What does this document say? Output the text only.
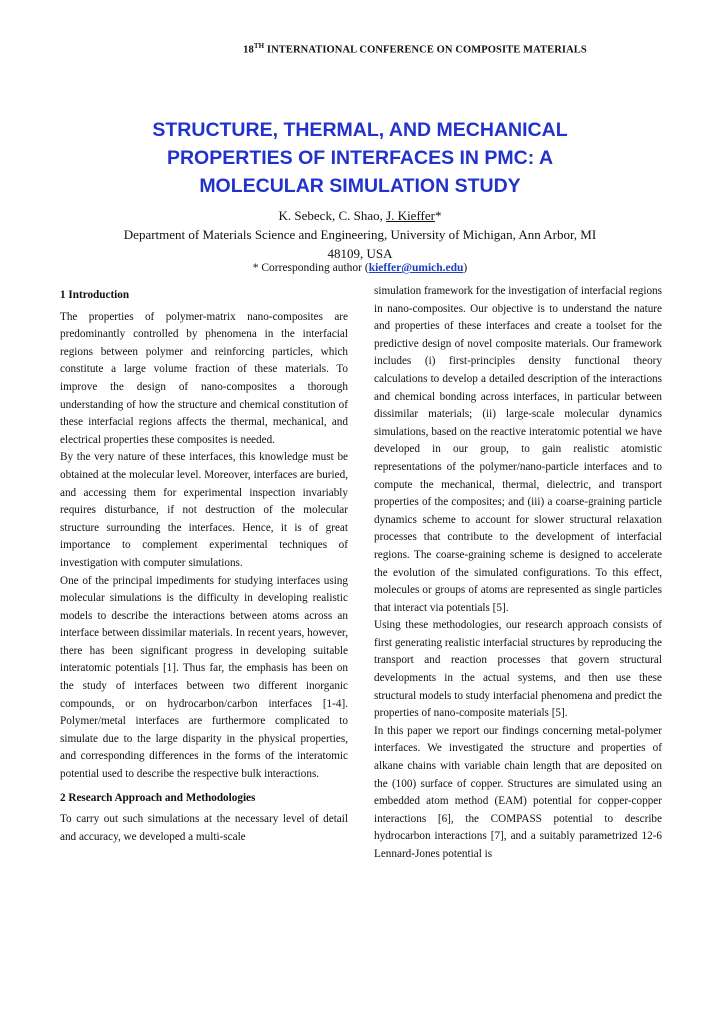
18TH INTERNATIONAL CONFERENCE ON COMPOSITE MATERIALS
STRUCTURE, THERMAL, AND MECHANICAL
PROPERTIES OF INTERFACES IN PMC: A
MOLECULAR SIMULATION STUDY
K. Sebeck, C. Shao, J. Kieffer*
Department of Materials Science and Engineering, University of Michigan, Ann Arbor, MI
48109, USA
* Corresponding author (kieffer@umich.edu)
1 Introduction

The properties of polymer-matrix nano-composites are predominantly controlled by phenomena in the interfacial regions between polymer and reinforcing particles, which constitute a large volume fraction of these materials. To improve the design of nano-composites a thorough understanding of how the structure and chemical constitution of these interfacial regions affects the thermal, mechanical, and electrical properties these composites is needed.

By the very nature of these interfaces, this knowledge must be obtained at the molecular level. Moreover, interfaces are buried, and accessing them for experimental inspection invariably requires disturbance, if not destruction of the molecular structure surrounding the interfaces. Hence, it is of great importance to complement experimental techniques of investigation with computer simulations.

One of the principal impediments for studying interfaces using molecular simulations is the difficulty in developing realistic models to describe the interactions between atoms across an interface between dissimilar materials. In recent years, however, there has been significant progress in developing suitable interatomic potentials [1]. Thus far, the emphasis has been on the study of interfaces between two different inorganic compounds, or on hydrocarbon/carbon interfaces [1-4]. Polymer/metal interfaces are furthermore complicated to simulate due to the large disparity in the physical properties, and corresponding differences in the forms of the interatomic potential used to describe the respective bulk interactions.

2 Research Approach and Methodologies

To carry out such simulations at the necessary level of detail and accuracy, we developed a multi-scale

simulation framework for the investigation of interfacial regions in nano-composites. Our objective is to understand the nature and properties of these interfaces and create a toolset for the predictive design of novel composite materials. Our framework includes (i) first-principles density functional theory calculations to develop a detailed description of the interactions and chemical bonding across interfaces, in particular between dissimilar materials; (ii) large-scale molecular dynamics simulations, based on the reactive interatomic potential we have developed in our group, to gain realistic atomistic representations of the polymer/nano-particle interfaces and to compute the mechanical, thermal, dielectric, and transport properties of the composites; and (iii) a coarse-graining particle dynamics scheme to account for slower structural relaxation processes that contribute to the development of interfacial regions. The coarse-graining scheme is designed to accelerate the evolution of the simulated configurations. To this effect, molecules or groups of atoms are represented as single particles that interact via potentials [5].

Using these methodologies, our research approach consists of first generating realistic interfacial structures by reproducing the transport and reaction processes that govern structural developments in the actual systems, and then use these structural models to study interfacial phenomena and predict the properties of nano-composite materials [5].

In this paper we report our findings concerning metal-polymer interfaces. We investigated the structure and properties of alkane chains with variable chain length that are deposited on the (100) surface of copper. Structures are simulated using an embedded atom method (EAM) potential for copper-copper interactions [6], the COMPASS potential to describe hydrocarbon interactions [7], and a suitably parametrized 12-6 Lennard-Jones potential is
